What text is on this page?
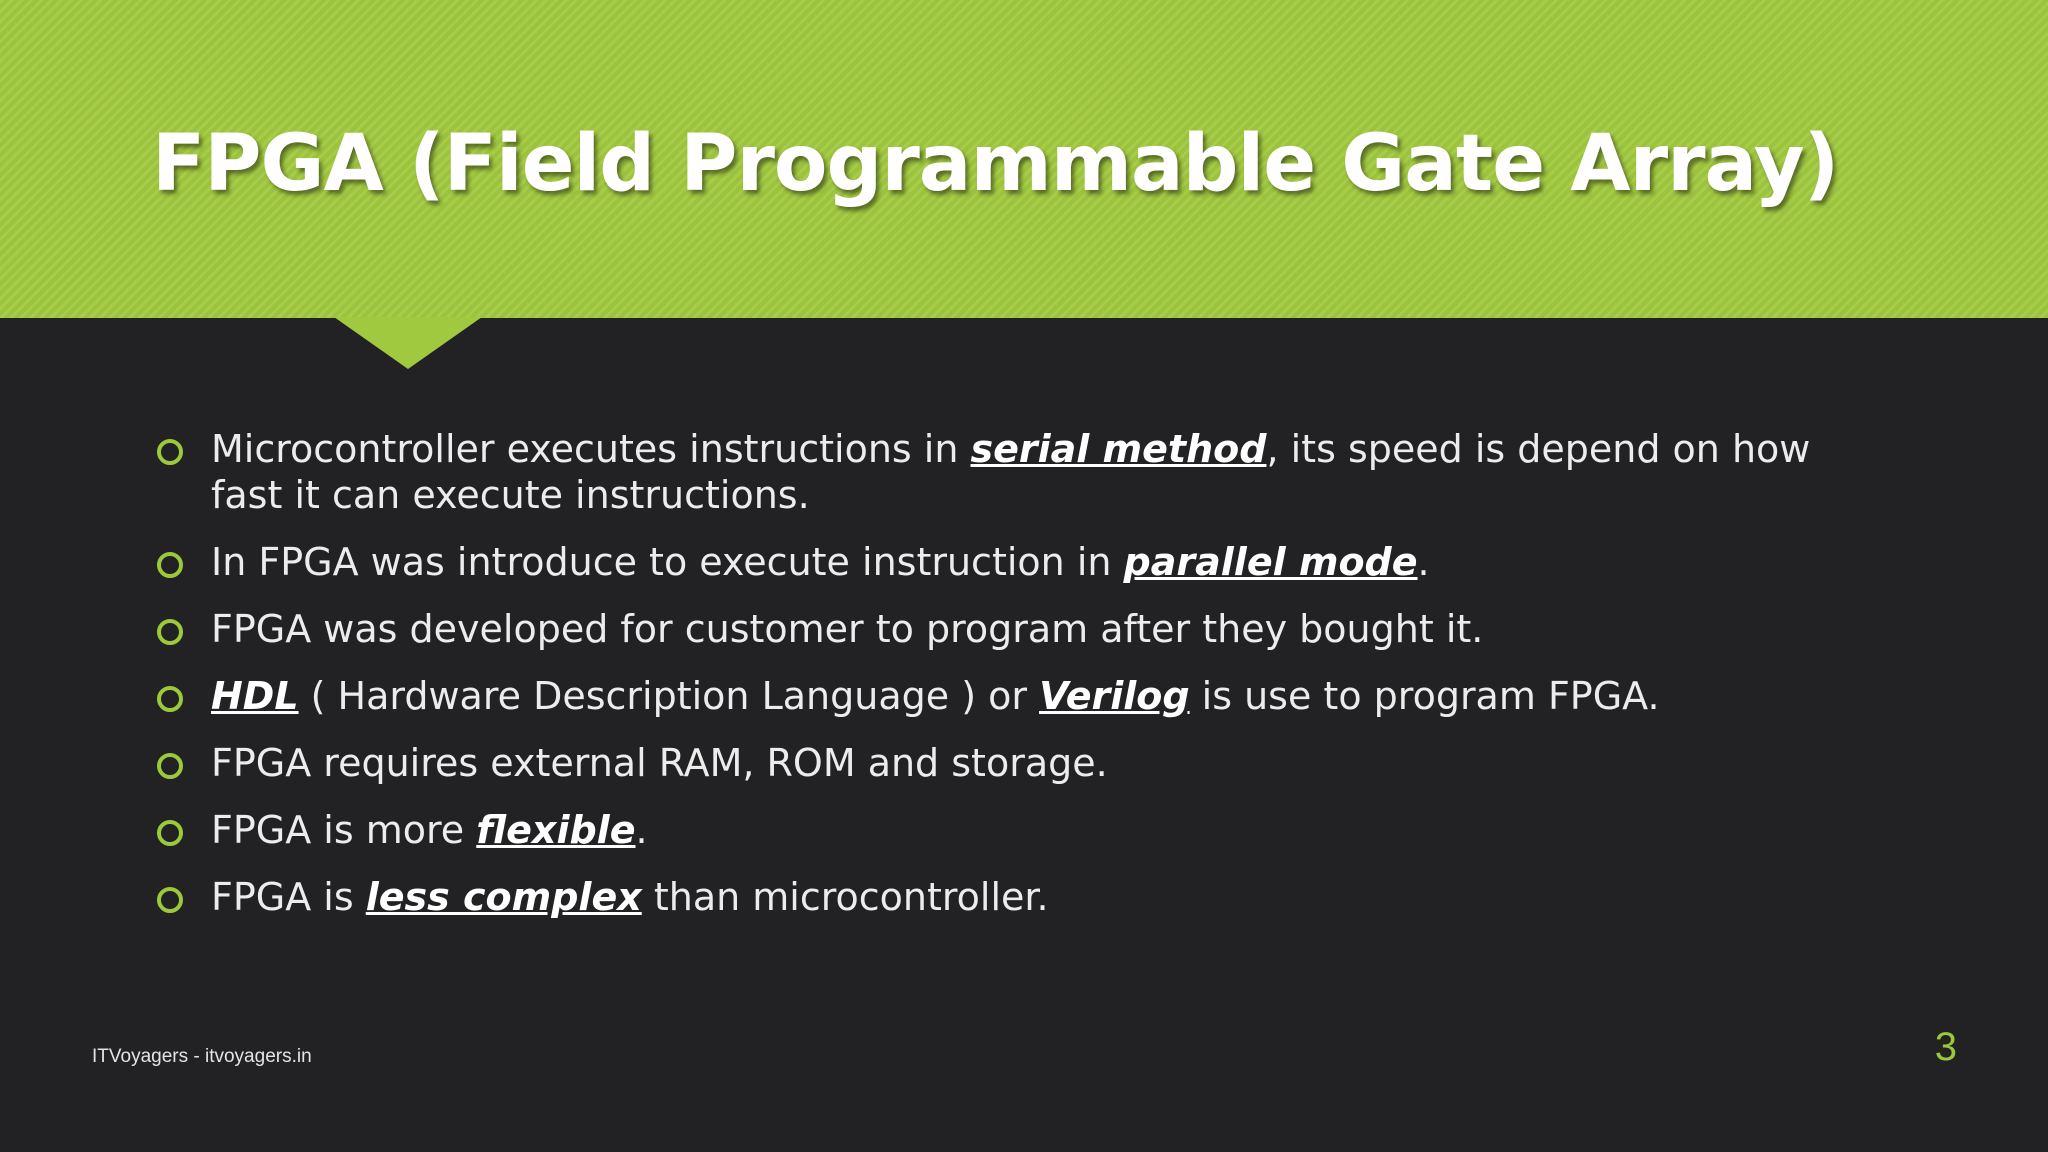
FPGA (Field Programmable Gate Array)
Microcontroller executes instructions in serial method, its speed is depend on how fast it can execute instructions.
In FPGA was introduce to execute instruction in parallel mode.
FPGA was developed for customer to program after they bought it.
HDL ( Hardware Description Language ) or Verilog is use to program FPGA.
FPGA requires external RAM, ROM and storage.
FPGA is more flexible.
FPGA is less complex than microcontroller.
ITVoyagers - itvoyagers.in	3
